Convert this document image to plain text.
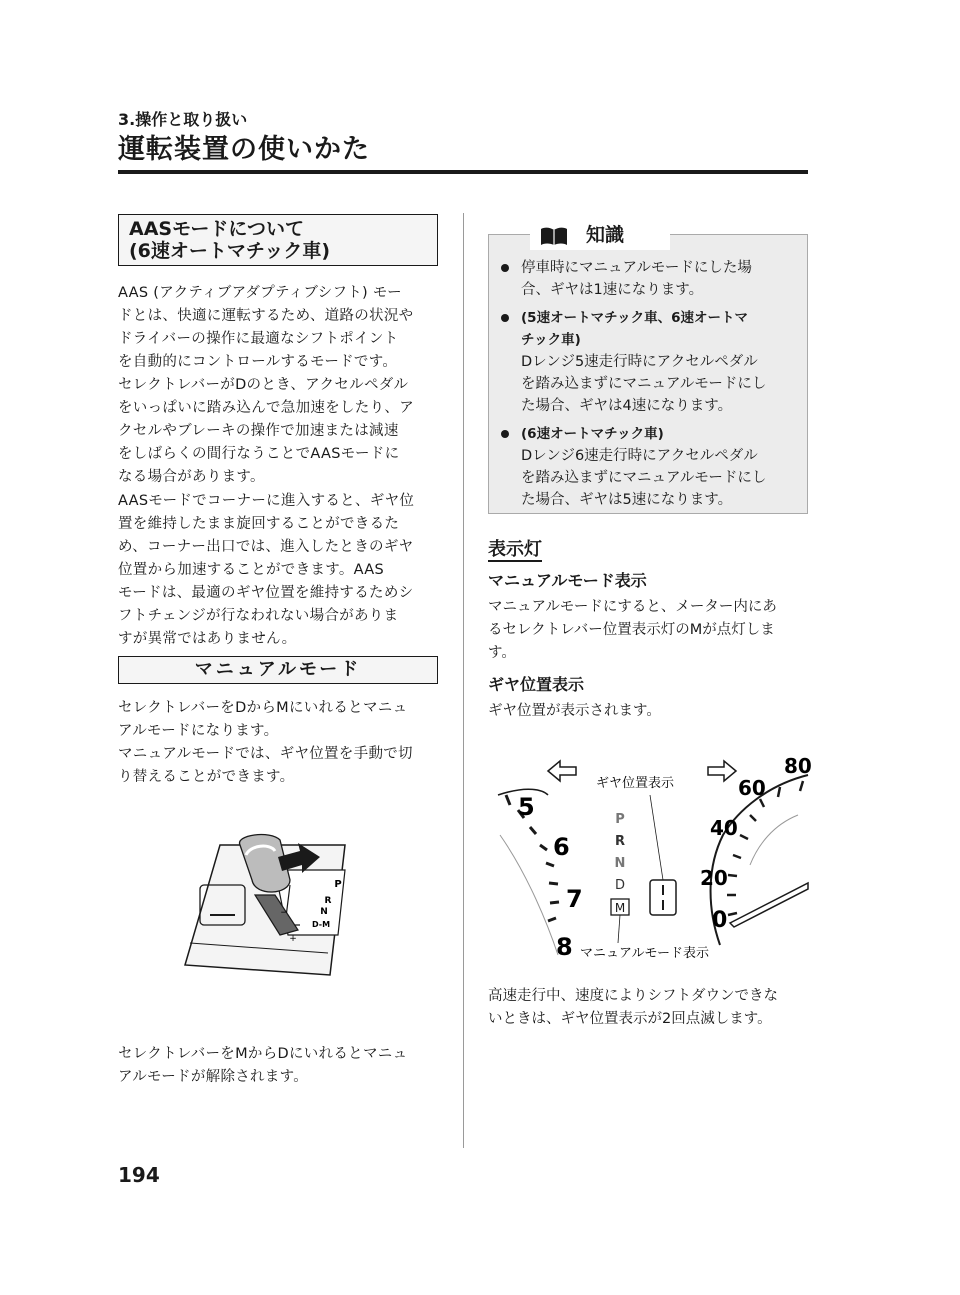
3.操作と取り扱い
運転装置の使いかた
AASモードについて
(6速オートマチック車)

AAS (アクティブアダプティブシフト) モー

ドとは、快適に運転するため、道路の状況や

ドライバーの操作に最適なシフトポイント

を自動的にコントロールするモードです。

セレクトレバーがDのとき、アクセルペダル

をいっぱいに踏み込んで急加速をしたり、ア

クセルやブレーキの操作で加速または減速

をしばらくの間行なうことでAASモードに

なる場合があります。

AASモードでコーナーに進入すると、ギヤ位

置を維持したまま旋回することができるた

め、コーナー出口では、進入したときのギヤ

位置から加速することができます。AAS

モードは、最適のギヤ位置を維持するためシ

フトチェンジが行なわれない場合がありま

すが異常ではありません。

マニュアルモード

セレクトレバーをDからMにいれるとマニュ

アルモードになります。

マニュアルモードでは、ギヤ位置を手動で切

り替えることができます。

P
R
N
D-M
+
−

セレクトレバーをMからDにいれるとマニュ

アルモードが解除されます。

停車時にマニュアルモードにした場
合、ギヤは1速になります。
(5速オートマチック車、6速オートマ
チック車)
Dレンジ5速走行時にアクセルペダル
を踏み込まずにマニュアルモードにし
た場合、ギヤは4速になります。
(6速オートマチック車)
Dレンジ6速走行時にアクセルペダル
を踏み込まずにマニュアルモードにし
た場合、ギヤは5速になります。
知識
表示灯
マニュアルモード表示
マニュアルモードにすると、メーター内にあ
るセレクトレバー位置表示灯のMが点灯しま
す。
ギヤ位置表示
ギヤ位置が表示されます。
5
6
7
8
P
R
N
D
M
ギヤ位置表示
マニュアルモード表示
80
60
40
20
0
高速走行中、速度によりシフトダウンできな
いときは、ギヤ位置表示が2回点滅します。
194
